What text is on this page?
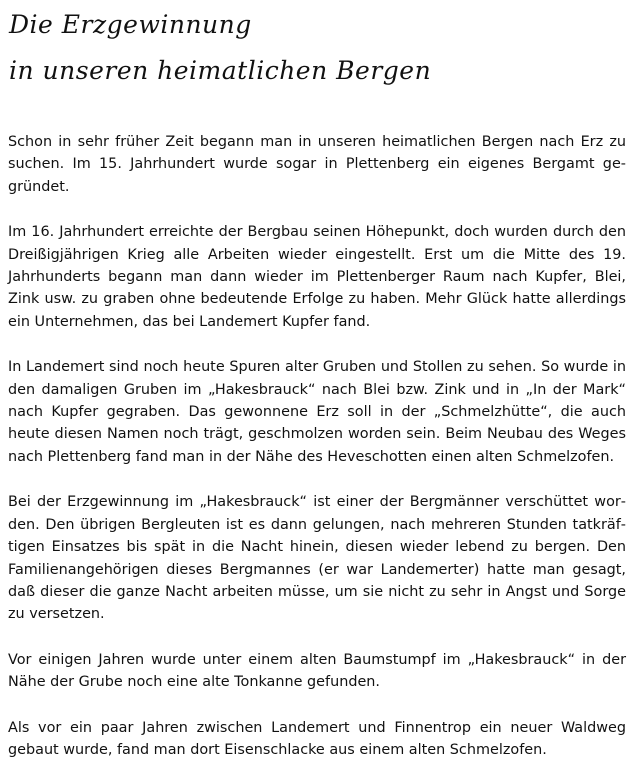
Die Erzgewinnung
in unseren heimatlichen Bergen

Schon in sehr früher Zeit begann man in unseren heimatlichen Bergen nach Erz zu suchen. Im 15. Jahrhundert wurde sogar in Plettenberg ein eigenes Bergamt gegründet.

Im 16. Jahrhundert erreichte der Bergbau seinen Höhepunkt, doch wurden durch den Dreißigjährigen Krieg alle Arbeiten wieder eingestellt. Erst um die Mitte des 19. Jahrhunderts begann man dann wieder im Plettenberger Raum nach Kupfer, Blei, Zink usw. zu graben ohne bedeutende Erfolge zu haben. Mehr Glück hatte allerdings ein Unternehmen, das bei Landemert Kupfer fand.

In Landemert sind noch heute Spuren alter Gruben und Stollen zu sehen. So wurde in den damaligen Gruben im „Hakesbrauck“ nach Blei bzw. Zink und in „In der Mark“ nach Kupfer gegraben. Das gewonnene Erz soll in der „Schmelzhütte“, die auch heute diesen Namen noch trägt, geschmolzen worden sein. Beim Neubau des Weges nach Plettenberg fand man in der Nähe des Heveschotten einen alten Schmelzofen.

Bei der Erzgewinnung im „Hakesbrauck“ ist einer der Bergmänner verschüttet worden. Den übrigen Bergleuten ist es dann gelungen, nach mehreren Stunden tatkräftigen Einsatzes bis spät in die Nacht hinein, diesen wieder lebend zu bergen. Den Familienangehörigen dieses Bergmannes (er war Landemerter) hatte man gesagt, daß dieser die ganze Nacht arbeiten müsse, um sie nicht zu sehr in Angst und Sorge zu versetzen.

Vor einigen Jahren wurde unter einem alten Baumstumpf im „Hakesbrauck“ in der Nähe der Grube noch eine alte Tonkanne gefunden.

Als vor ein paar Jahren zwischen Landemert und Finnentrop ein neuer Waldweg gebaut wurde, fand man dort Eisenschlacke aus einem alten Schmelzofen.
